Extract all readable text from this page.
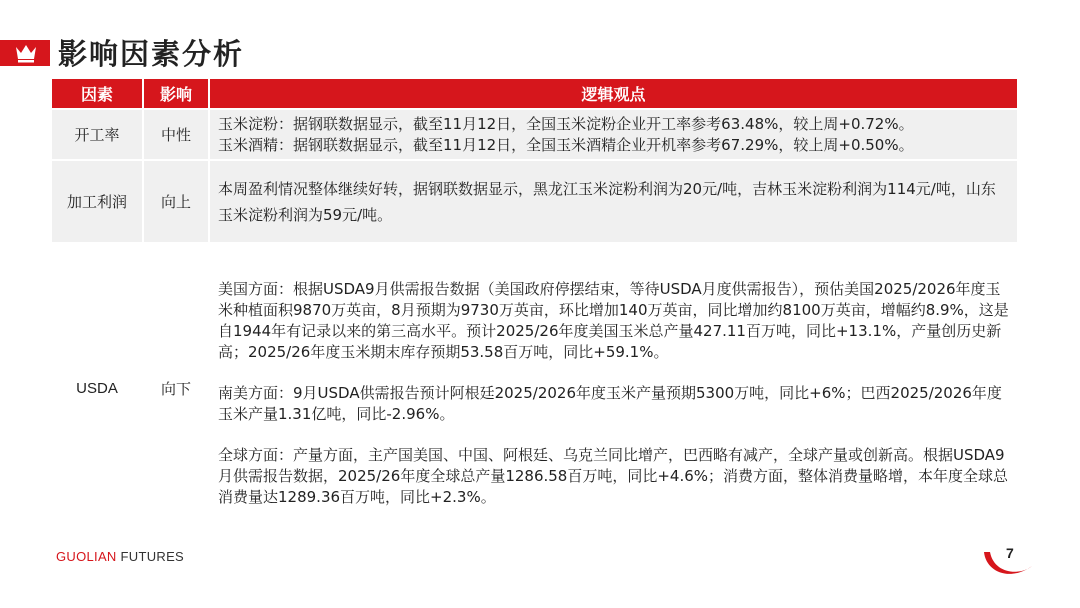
影响因素分析
因素	影响	逻辑观点
开工率	中性	玉米淀粉：据钢联数据显示，截至11月12日，全国玉米淀粉企业开工率参考63.48%，较上周+0.72%。
玉米酒精：据钢联数据显示，截至11月12日，全国玉米酒精企业开机率参考67.29%，较上周+0.50%。

加工利润	向上	本周盈利情况整体继续好转，据钢联数据显示，黑龙江玉米淀粉利润为20元/吨，吉林玉米淀粉利润为114元/吨，山东玉米淀粉利润为59元/吨。
USDA	向下	美国方面：根据USDA9月供需报告数据（美国政府停摆结束，等待USDA月度供需报告），预估美国2025/2026年度玉米种植面积9870万英亩，8月预期为9730万英亩，环比增加140万英亩，同比增加约8100万英亩，增幅约8.9%，这是自1944年有记录以来的第三高水平。预计2025/26年度美国玉米总产量427.11百万吨，同比+13.1%，产量创历史新高；2025/26年度玉米期末库存预期53.58百万吨，同比+59.1%。
南美方面：9月USDA供需报告预计阿根廷2025/2026年度玉米产量预期5300万吨，同比+6%；巴西2025/2026年度玉米产量1.31亿吨，同比-2.96%。
全球方面：产量方面，主产国美国、中国、阿根廷、乌克兰同比增产，巴西略有减产，全球产量或创新高。根据USDA9月供需报告数据，2025/26年度全球总产量1286.58百万吨，同比+4.6%；消费方面，整体消费量略增，本年度全球总消费量达1289.36百万吨，同比+2.3%。
GUOLIAN FUTURES	7
